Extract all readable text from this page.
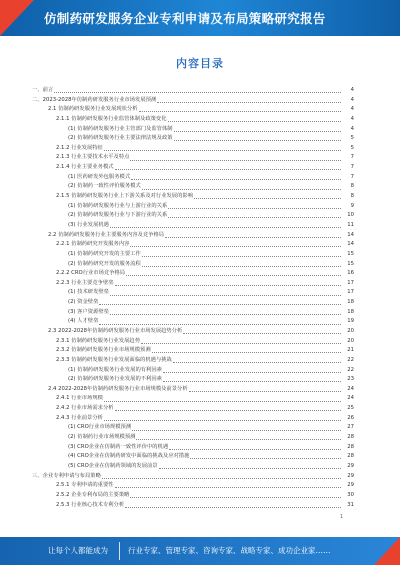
仿制药研发服务企业专利申请及布局策略研究报告
内容目录
一、前言	4
二、2023-2028年仿制药研发服务行业市场发展预测	4
2.1 仿制药研发服务行业发展现状分析	4
2.1.1 仿制药研发服务行业监管体制及政策变化	4
(1) 仿制药研发服务行业主管部门及监管体制	4
(2) 仿制药研发服务行业主要法律法规及政策	5
2.1.2 行业发展特征	5
2.1.3 行业主要技术水平及特点	7
2.1.4 行业主要业务模式	7
(1) 医药研发外包服务模式	7
(2) 仿制药一致性评价服务模式	8
2.1.5 仿制药研发服务行业上下游关系及对行业发展的影响	8
(1) 仿制药研发服务行业与上游行业的关系	9
(2) 仿制药研发服务行业与下游行业的关系	10
(3) 行业发展机遇	11
2.2 仿制药研发服务行业主要服务内容及竞争格局	14
2.2.1 仿制药研究开发服务内容	14
(1) 仿制药研究开发的主要工作	15
(2) 仿制药研究开发的服务流程	15
2.2.2 CRO行业市场竞争格局	16
2.2.3 行业主要竞争壁垒	17
(1) 技术研发壁垒	17
(2) 资金壁垒	18
(3) 客户资源壁垒	18
(4) 人才壁垒	19
2.3 2022-2028年仿制药研发服务行业市场发展趋势分析	20
2.3.1 仿制药研发服务行业发展趋势	20
2.3.2 仿制药研发服务行业市场规模预测	21
2.3.3 仿制药研发服务行业发展面临的机遇与挑战	22
(1) 仿制药研发服务行业发展的有利因素	22
(2) 仿制药研发服务行业发展的不利因素	23
2.4 2022-2028年仿制药研发服务行业市场规模及前景分析	24
2.4.1 行业市场规模	24
2.4.2 行业市场需求分析	25
2.4.3 行业前景分析	26
(1) CRO行业市场规模预测	27
(2) 仿制药行业市场规模预测	28
(3) CRO企业在仿制药一致性评价中的机遇	28
(4) CRO企业在仿制药研发中面临的挑战及应对措施	28
(5) CRO企业在仿制药领域的发展前景	29
三、企业专利申请与布局策略	29
2.5.1 专利申请的重要性	29
2.5.2 企业专利布局的主要策略	30
2.5.3 行业核心技术专利分析	31
1
让每个人都能成为	行业专家、管理专家、咨询专家、战略专家、成功企业家……
